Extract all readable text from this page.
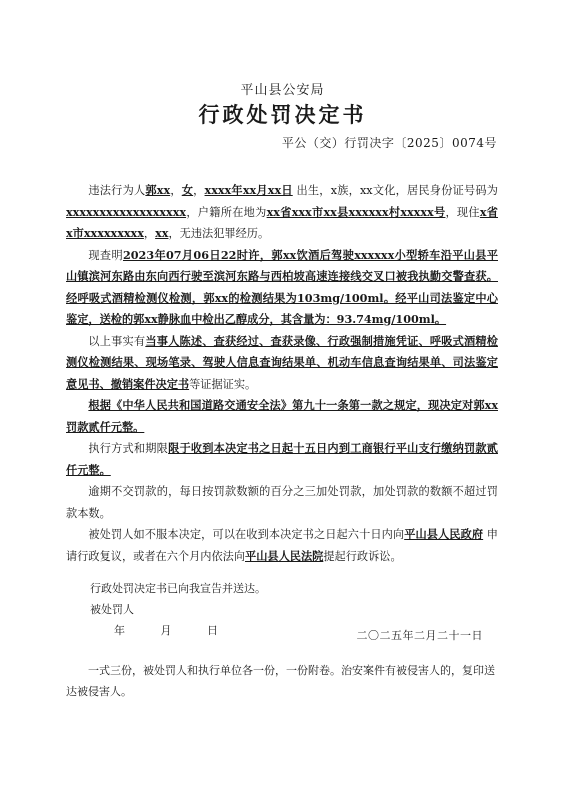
平山县公安局
行政处罚决定书
平公（交）行罚决字〔2025〕0074号

违法行为人郭xx，女，xxxx年xx月xx日 出生，x族，xx文化，居民身份证号码为xxxxxxxxxxxxxxxxxx，户籍所在地为xx省xxx市xx县xxxxxx村xxxxx号，现住x省x市xxxxxxxxx，xx，无违法犯罪经历。

现查明2023年07月06日22时许，郭xx饮酒后驾驶xxxxxx小型轿车沿平山县平山镇滨河东路由东向西行驶至滨河东路与西柏坡高速连接线交叉口被我执勤交警查获。经呼吸式酒精检测仪检测，郭xx的检测结果为103mg/100ml。经平山司法鉴定中心鉴定，送检的郭xx静脉血中检出乙醇成分，其含量为：93.74mg/100ml。

以上事实有当事人陈述、查获经过、查获录像、行政强制措施凭证、呼吸式酒精检测仪检测结果、现场笔录、驾驶人信息查询结果单、机动车信息查询结果单、司法鉴定意见书、撤销案件决定书等证据证实。

根据《中华人民共和国道路交通安全法》第九十一条第一款之规定，现决定对郭xx罚款贰仟元整。

执行方式和期限限于收到本决定书之日起十五日内到工商银行平山支行缴纳罚款贰仟元整。

逾期不交罚款的，每日按罚款数额的百分之三加处罚款，加处罚款的数额不超过罚款本数。

被处罚人如不服本决定，可以在收到本决定书之日起六十日内向平山县人民政府 申请行政复议，或者在六个月内依法向平山县人民法院提起行政诉讼。

行政处罚决定书已向我宣告并送达。
被处罚人
年	月	日	二〇二五年二月二十一日
一式三份，被处罚人和执行单位各一份，一份附卷。治安案件有被侵害人的，复印送达被侵害人。
